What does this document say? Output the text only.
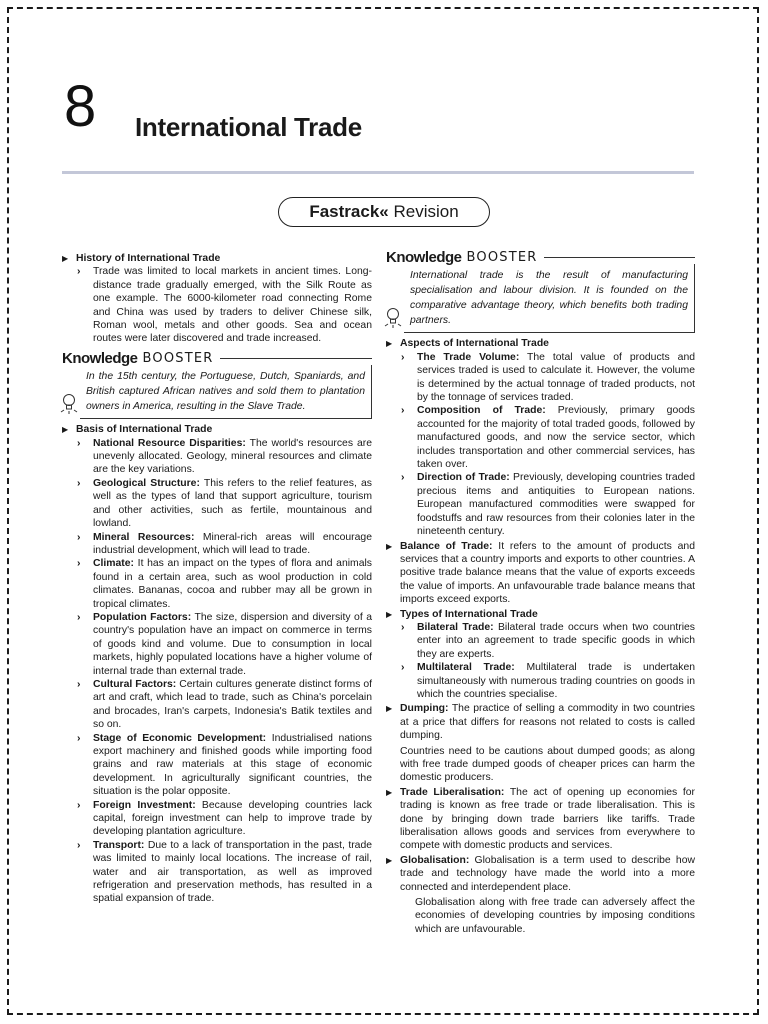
8 International Trade
Fastrack« Revision
▶ History of International Trade
› Trade was limited to local markets in ancient times. Long-distance trade gradually emerged, with the Silk Route as one example. The 6000-kilometer road connecting Rome and China was used by traders to deliver Chinese silk, Roman wool, metals and other goods. Sea and ocean routes were later discovered and trade increased.
Knowledge BOOSTER
In the 15th century, the Portuguese, Dutch, Spaniards, and British captured African natives and sold them to plantation owners in America, resulting in the Slave Trade.
▶ Basis of International Trade
› National Resource Disparities: The world's resources are unevenly allocated. Geology, mineral resources and climate are the key variations.
› Geological Structure: This refers to the relief features, as well as the types of land that support agriculture, tourism and other activities, such as fertile, mountainous and lowland.
› Mineral Resources: Mineral-rich areas will encourage industrial development, which will lead to trade.
› Climate: It has an impact on the types of flora and animals found in a certain area, such as wool production in cold climates. Bananas, cocoa and rubber may all be grown in tropical climates.
› Population Factors: The size, dispersion and diversity of a country's population have an impact on commerce in terms of goods kind and volume. Due to consumption in local markets, highly populated locations have a higher volume of internal trade than external trade.
› Cultural Factors: Certain cultures generate distinct forms of art and craft, which lead to trade, such as China's porcelain and brocades, Iran's carpets, Indonesia's Batik textiles and so on.
› Stage of Economic Development: Industrialised nations export machinery and finished goods while importing food grains and raw materials at this stage of economic development. In agriculturally significant countries, the situation is the polar opposite.
› Foreign Investment: Because developing countries lack capital, foreign investment can help to improve trade by developing plantation agriculture.
› Transport: Due to a lack of transportation in the past, trade was limited to mainly local locations. The increase of rail, water and air transportation, as well as improved refrigeration and preservation methods, has resulted in a spatial expansion of trade.
Knowledge BOOSTER
International trade is the result of manufacturing specialisation and labour division. It is founded on the comparative advantage theory, which benefits both trading partners.
▶ Aspects of International Trade
› The Trade Volume: The total value of products and services traded is used to calculate it. However, the volume is determined by the actual tonnage of traded products, not by the tonnage of services traded.
› Composition of Trade: Previously, primary goods accounted for the majority of total traded goods, followed by manufactured goods, and now the service sector, which includes transportation and other commercial services, has taken over.
› Direction of Trade: Previously, developing countries traded precious items and antiquities to European nations. European manufactured commodities were swapped for foodstuffs and raw resources from their colonies later in the nineteenth century.
▶ Balance of Trade: It refers to the amount of products and services that a country imports and exports to other countries. A positive trade balance means that the value of exports exceeds the value of imports. An unfavourable trade balance means that imports exceed exports.
▶ Types of International Trade
› Bilateral Trade: Bilateral trade occurs when two countries enter into an agreement to trade specific goods in which they are experts.
› Multilateral Trade: Multilateral trade is undertaken simultaneously with numerous trading countries on goods in which the countries specialise.
▶ Dumping: The practice of selling a commodity in two countries at a price that differs for reasons not related to costs is called dumping.
Countries need to be cautions about dumped goods; as along with free trade dumped goods of cheaper prices can harm the domestic producers.
▶ Trade Liberalisation: The act of opening up economies for trading is known as free trade or trade liberalisation. This is done by bringing down trade barriers like tariffs. Trade liberalisation allows goods and services from everywhere to compete with domestic products and services.
▶ Globalisation: Globalisation is a term used to describe how trade and technology have made the world into a more connected and interdependent place.
Globalisation along with free trade can adversely affect the economies of developing countries by imposing conditions which are unfavourable.
